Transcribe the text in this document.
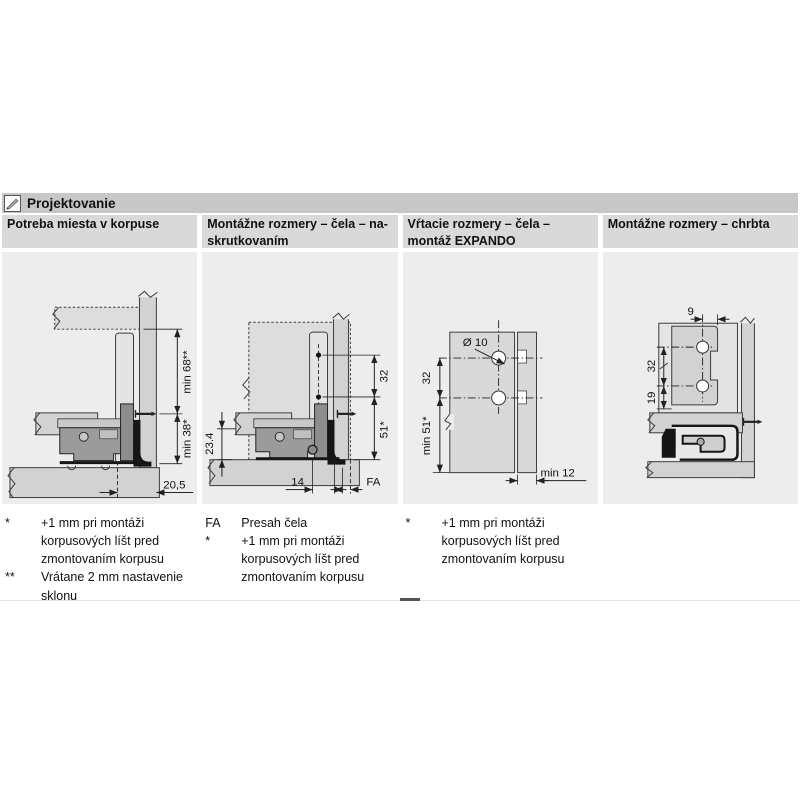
Projektovanie
Potreba miesta v korpuse
min 68**
min 38*
20,5
*	+1 mm pri montáži korpusových líšt pred zmontovaním korpusu
**	Vrátane 2 mm nastavenie sklonu
Montážne rozmery – čela – naskrutkovaním
32
51*
23.4
14	FA
FA	Presah čela
*	+1 mm pri montáži korpusových líšt pred zmontovaním korpusu
Vŕtacie rozmery – čela – montáž EXPANDO
Ø 10
32
min 51*
min 12
*	+1 mm pri montáži korpusových líšt pred zmontovaním korpusu
Montážne rozmery – chrbta
9
32
19
